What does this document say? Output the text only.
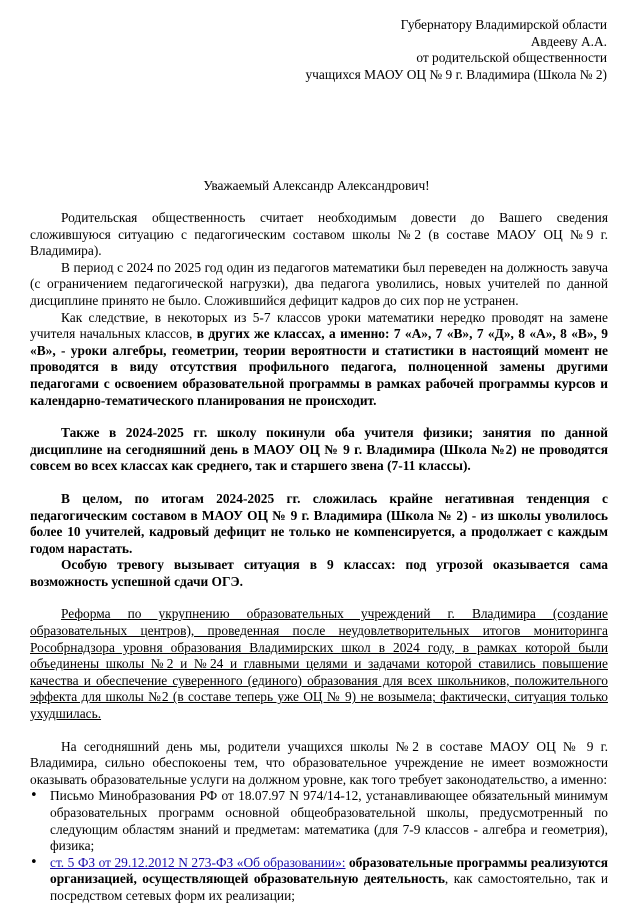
Губернатору Владимирской области
Авдееву А.А.
от родительской общественности
учащихся МАОУ ОЦ № 9 г. Владимира (Школа № 2)
Уважаемый Александр Александрович!

Родительская общественность считает необходимым довести до Вашего сведения сложившуюся ситуацию с педагогическим составом школы №2 (в составе МАОУ ОЦ №9 г. Владимира).

В период с 2024 по 2025 год один из педагогов математики был переведен на должность завуча (с ограничением педагогической нагрузки), два педагога уволились, новых учителей по данной дисциплине принято не было. Сложившийся дефицит кадров до сих пор не устранен.

Как следствие, в некоторых из 5-7 классов уроки математики нередко проводят на замене учителя начальных классов, в других же классах, а именно: 7 «А», 7 «В», 7 «Д», 8 «А», 8 «В», 9 «В», - уроки алгебры, геометрии, теории вероятности и статистики в настоящий момент не проводятся в виду отсутствия профильного педагога, полноценной замены другими педагогами с освоением образовательной программы в рамках рабочей программы курсов и календарно-тематического планирования не происходит.

Также в 2024-2025 гг. школу покинули оба учителя физики; занятия по данной дисциплине на сегодняшний день в МАОУ ОЦ № 9 г. Владимира (Школа №2) не проводятся совсем во всех классах как среднего, так и старшего звена (7-11 классы).

В целом, по итогам 2024-2025 гг. сложилась крайне негативная тенденция с педагогическим составом в МАОУ ОЦ № 9 г. Владимира (Школа № 2) - из школы уволилось более 10 учителей, кадровый дефицит не только не компенсируется, а продолжает с каждым годом нарастать.

Особую тревогу вызывает ситуация в 9 классах: под угрозой оказывается сама возможность успешной сдачи ОГЭ.

Реформа по укрупнению образовательных учреждений г. Владимира (создание образовательных центров), проведенная после неудовлетворительных итогов мониторинга Рособрнадзора уровня образования Владимирских школ в 2024 году, в рамках которой были объединены школы №2 и №24 и главными целями и задачами которой ставились повышение качества и обеспечение суверенного (единого) образования для всех школьников, положительного эффекта для школы №2 (в составе теперь уже ОЦ № 9) не возымела; фактически, ситуация только ухудшилась.

На сегодняшний день мы, родители учащихся школы №2 в составе МАОУ ОЦ № 9 г. Владимира, сильно обеспокоены тем, что образовательное учреждение не имеет возможности оказывать образовательные услуги на должном уровне, как того требует законодательство, а именно:

• Письмо Минобразования РФ от 18.07.97 N 974/14-12, устанавливающее обязательный минимум образовательных программ основной общеобразовательной школы, предусмотренный по следующим областям знаний и предметам: математика (для 7-9 классов - алгебра и геометрия), физика;
• ст. 5 ФЗ от 29.12.2012 N 273-ФЗ «Об образовании»: образовательные программы реализуются организацией, осуществляющей образовательную деятельность, как самостоятельно, так и посредством сетевых форм их реализации;
